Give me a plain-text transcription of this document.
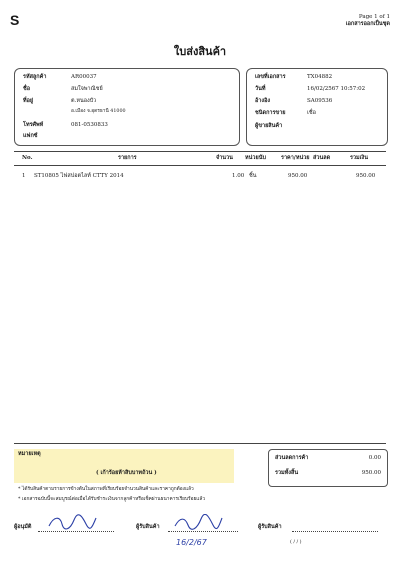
S	Page 1 of 1
เอกสารออกเป็นชุด
ใบส่งสินค้า
รหัสลูกค้า	AR00037
ชื่อ	สมใจพาณิชย์
ที่อยู่	ต.หนองบัว
อ.เมือง จ.อุดรธานี 41000
โทรศัพท์	081-0530833
แฟกซ์
เลขที่เอกสาร	TX04882
วันที่	16/02/2567 10:57:02
อ้างอิง	SA09536
ชนิดการขาย	เชื่อ
ผู้ขายสินค้า
No.	รายการ	จำนวน หน่วยนับ	ราคา/หน่วย ส่วนลด	รวมเงิน
1 ST10805 ไฟสปอตไลท์ CTTY 2014	1.00 ชิ้น	950.00	950.00
หมายเหตุ
( เก้าร้อยห้าสิบบาทถ้วน )
ส่วนลดการค้า	0.00
รวมทั้งสิ้น	950.00
* ได้รับสินค้าตามรายการข้างต้นในสภาพที่เรียบร้อยจำนวนสินค้าและราคาถูกต้องแล้ว
* เอกสารฉบับนี้จะสมบูรณ์ต่อเมื่อได้รับชำระเงินจากลูกค้าหรือเช็คผ่านธนาคารเรียบร้อยแล้ว
ผู้อนุมัติ	ผู้รับสินค้า
16/2/67
ผู้รับสินค้า
( / / )
